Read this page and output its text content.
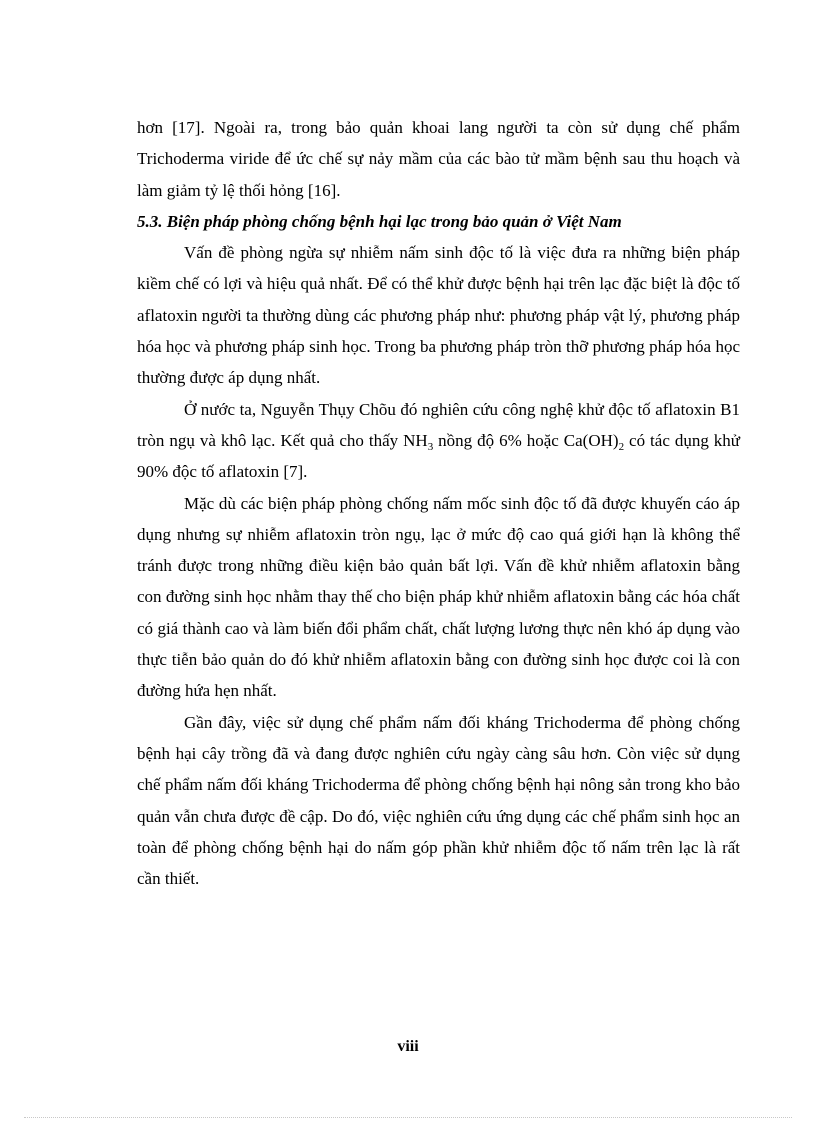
hơn [17]. Ngoài ra, trong bảo quản khoai lang người ta còn sử dụng chế phẩm Trichoderma viride để ức chế sự nảy mầm của các bào tử mầm bệnh sau thu hoạch và làm giảm tỷ lệ thối hỏng [16].

5.3. Biện pháp phòng chống bệnh hại lạc trong bảo quản ở Việt Nam

Vấn đề phòng ngừa sự nhiễm nấm sinh độc tố là việc đưa ra những biện pháp kiềm chế có lợi và hiệu quả nhất. Để có thể khử được bệnh hại trên lạc đặc biệt là độc tố aflatoxin người ta thường dùng các phương pháp như: phương pháp vật lý, phương pháp hóa học và phương pháp sinh học. Trong ba phương pháp tròn thỡ phương pháp hóa học thường được áp dụng nhất.

Ở nước ta, Nguyễn Thụy Chõu đó nghiên cứu công nghệ khử độc tố aflatoxin B1 tròn ngụ và khô lạc. Kết quả cho thấy $NH_3$ nồng độ 6% hoặc $Ca(OH)_2$ có tác dụng khử 90% độc tố aflatoxin [7].

Mặc dù các biện pháp phòng chống nấm mốc sinh độc tố đã được khuyến cáo áp dụng nhưng sự nhiễm aflatoxin tròn ngụ, lạc ở mức độ cao quá giới hạn là không thể tránh được trong những điều kiện bảo quản bất lợi. Vấn đề khử nhiễm aflatoxin bằng con đường sinh học nhằm thay thế cho biện pháp khử nhiễm aflatoxin bằng các hóa chất có giá thành cao và làm biến đổi phẩm chất, chất lượng lương thực nên khó áp dụng vào thực tiễn bảo quản do đó khử nhiễm aflatoxin bằng con đường sinh học được coi là con đường hứa hẹn nhất.

Gần đây, việc sử dụng chế phẩm nấm đối kháng Trichoderma để phòng chống bệnh hại cây trồng đã và đang được nghiên cứu ngày càng sâu hơn. Còn việc sử dụng chế phẩm nấm đối kháng Trichoderma để phòng chống bệnh hại nông sản trong kho bảo quản vẫn chưa được đề cập. Do đó, việc nghiên cứu ứng dụng các chế phẩm sinh học an toàn để phòng chống bệnh hại do nấm góp phần khử nhiễm độc tố nấm trên lạc là rất cần thiết.

viii
